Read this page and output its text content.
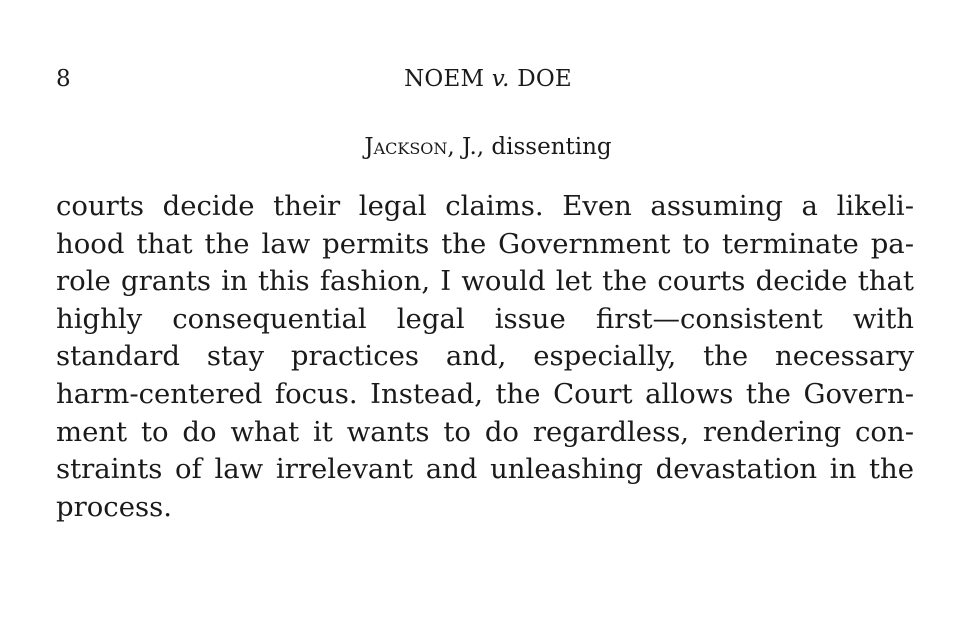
8	NOEM v. DOE
Jackson, J., dissenting
courts decide their legal claims. Even assuming a likeli-
hood that the law permits the Government to terminate pa-
role grants in this fashion, I would let the courts decide that
highly consequential legal issue first—consistent with
standard stay practices and, especially, the necessary
harm-centered focus. Instead, the Court allows the Govern-
ment to do what it wants to do regardless, rendering con-
straints of law irrelevant and unleashing devastation in the
process.
